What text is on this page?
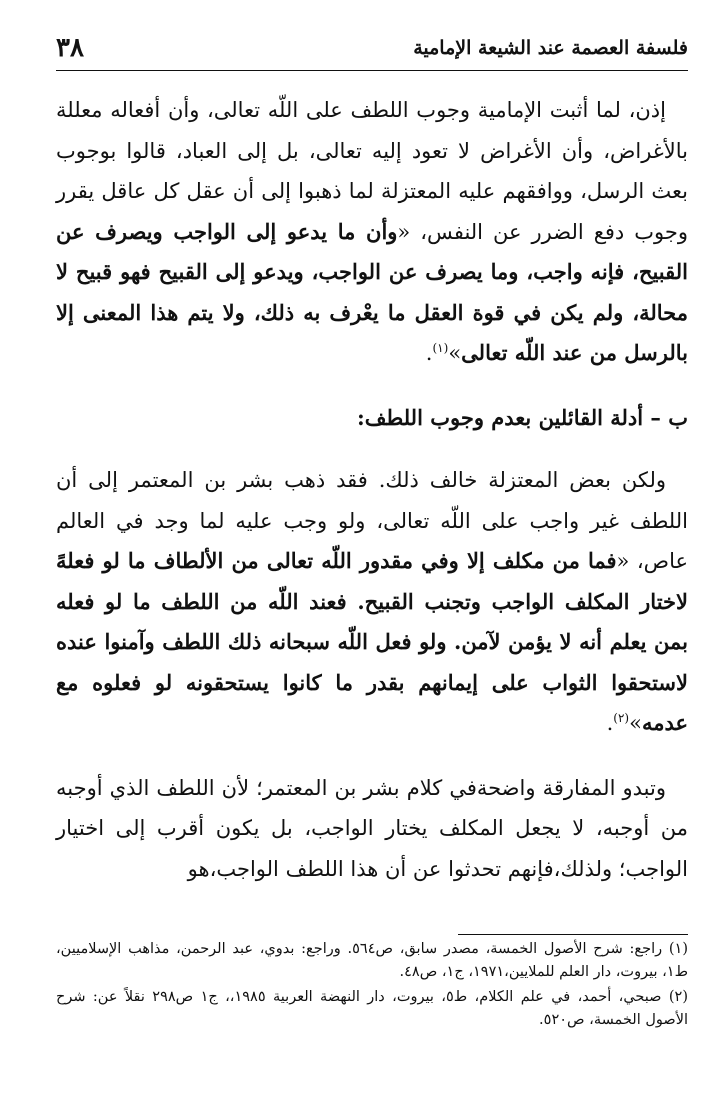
٣٨	فلسفة العصمة عند الشيعة الإمامية

إذن، لما أثبت الإمامية وجوب اللطف على اللّه تعالى، وأن أفعاله معللة بالأغراض، وأن الأغراض لا تعود إليه تعالى، بل إلى العباد، قالوا بوجوب بعث الرسل، ووافقهم عليه المعتزلة لما ذهبوا إلى أن عقل كل عاقل يقرر وجوب دفع الضرر عن النفس، «وأن ما يدعو إلى الواجب ويصرف عن القبيح، فإنه واجب، وما يصرف عن الواجب، ويدعو إلى القبيح فهو قبيح لا محالة، ولم يكن في قوة العقل ما يعْرف به ذلك، ولا يتم هذا المعنى إلا بالرسل من عند اللّه تعالى»$^{(١)}$.

ب – أدلة القائلين بعدم وجوب اللطف:

ولكن بعض المعتزلة خالف ذلك. فقد ذهب بشر بن المعتمر إلى أن اللطف غير واجب على اللّه تعالى، ولو وجب عليه لما وجد في العالم عاص، «فما من مكلف إلا وفي مقدور اللّه تعالى من الألطاف ما لو فعلهً لاختار المكلف الواجب وتجنب القبيح. فعند اللّه من اللطف ما لو فعله بمن يعلم أنه لا يؤمن لآمن. ولو فعل اللّه سبحانه ذلك اللطف وآمنوا عنده لاستحقوا الثواب على إيمانهم بقدر ما كانوا يستحقونه لو فعلوه مع عدمه»$^{(٢)}$.

وتبدو المفارقة واضحةفي كلام بشر بن المعتمر؛ لأن اللطف الذي أوجبه من أوجبه، لا يجعل المكلف يختار الواجب، بل يكون أقرب إلى اختيار الواجب؛ ولذلك،فإنهم تحدثوا عن أن هذا اللطف الواجب،هو

(١) راجع: شرح الأصول الخمسة، مصدر سابق، ص٥٦٤. وراجع: بدوي، عبد الرحمن، مذاهب الإسلاميين، ط١، بيروت، دار العلم للملايين،١٩٧١، ج١، ص٤٨.

(٢) صبحي، أحمد، في علم الكلام، ط٥، بيروت، دار النهضة العربية ١٩٨٥،، ج١ ص٢٩٨ نقلاً عن: شرح الأصول الخمسة، ص٥٢٠.
